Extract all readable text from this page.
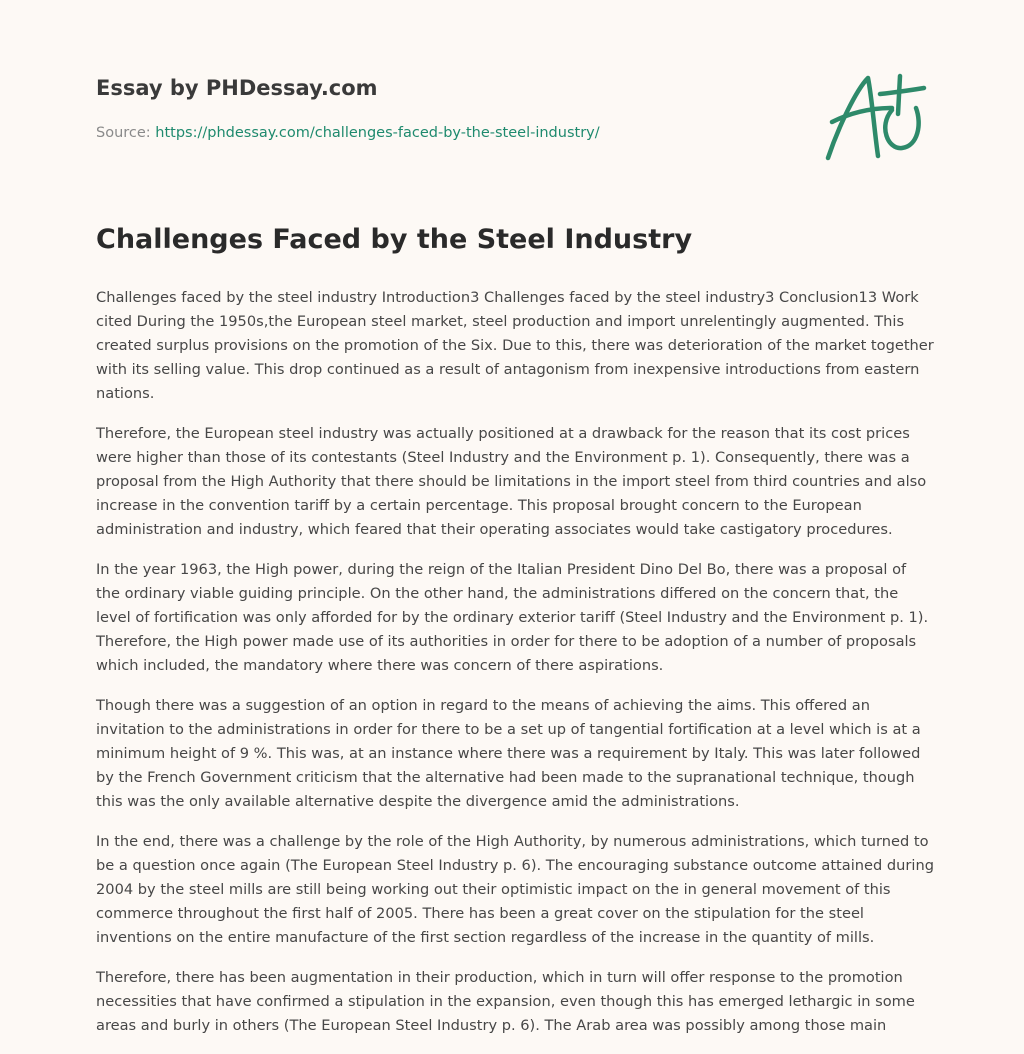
Essay by PHDessay.com
Source: https://phdessay.com/challenges-faced-by-the-steel-industry/
Challenges Faced by the Steel Industry

Challenges faced by the steel industry Introduction3 Challenges faced by the steel industry3 Conclusion13 Work cited During the 1950s,the European steel market, steel production and import unrelentingly augmented. This created surplus provisions on the promotion of the Six. Due to this, there was deterioration of the market together with its selling value. This drop continued as a result of antagonism from inexpensive introductions from eastern nations.

Therefore, the European steel industry was actually positioned at a drawback for the reason that its cost prices were higher than those of its contestants (Steel Industry and the Environment p. 1). Consequently, there was a proposal from the High Authority that there should be limitations in the import steel from third countries and also increase in the convention tariff by a certain percentage. This proposal brought concern to the European administration and industry, which feared that their operating associates would take castigatory procedures.

In the year 1963, the High power, during the reign of the Italian President Dino Del Bo, there was a proposal of the ordinary viable guiding principle. On the other hand, the administrations differed on the concern that, the level of fortification was only afforded for by the ordinary exterior tariff (Steel Industry and the Environment p. 1). Therefore, the High power made use of its authorities in order for there to be adoption of a number of proposals which included, the mandatory where there was concern of there aspirations.

Though there was a suggestion of an option in regard to the means of achieving the aims. This offered an invitation to the administrations in order for there to be a set up of tangential fortification at a level which is at a minimum height of 9 %. This was, at an instance where there was a requirement by Italy. This was later followed by the French Government criticism that the alternative had been made to the supranational technique, though this was the only available alternative despite the divergence amid the administrations.

In the end, there was a challenge by the role of the High Authority, by numerous administrations, which turned to be a question once again (The European Steel Industry p. 6). The encouraging substance outcome attained during 2004 by the steel mills are still being working out their optimistic impact on the in general movement of this commerce throughout the first half of 2005. There has been a great cover on the stipulation for the steel inventions on the entire manufacture of the first section regardless of the increase in the quantity of mills.

Therefore, there has been augmentation in their production, which in turn will offer response to the promotion necessities that have confirmed a stipulation in the expansion, even though this has emerged lethargic in some areas and burly in others (The European Steel Industry p. 6). The Arab area was possibly among those main
